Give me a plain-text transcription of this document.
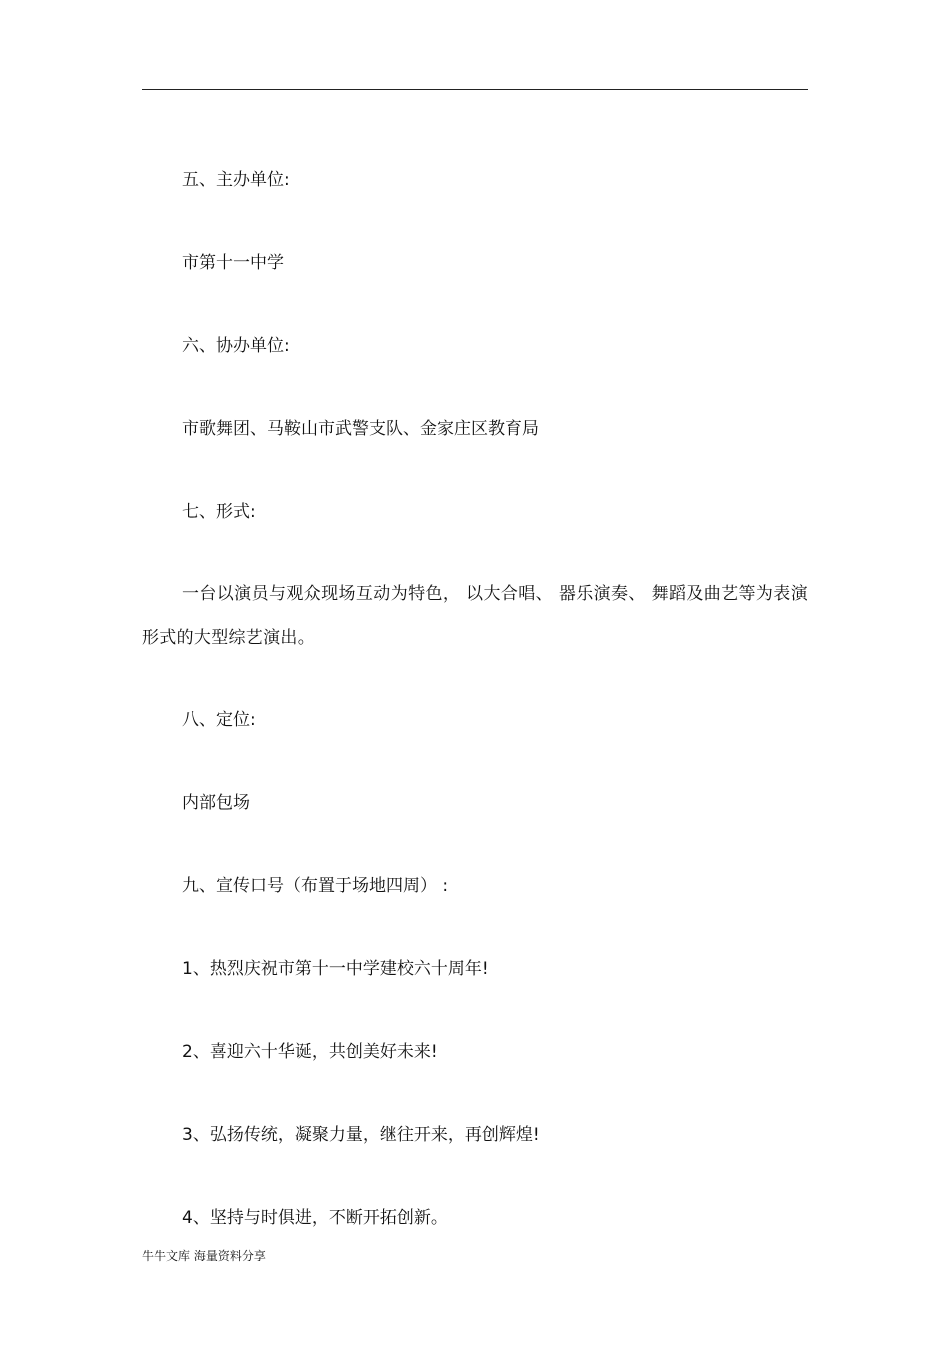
五、主办单位:
市第十一中学
六、协办单位:
市歌舞团、马鞍山市武警支队、金家庄区教育局
七、形式:
一台以演员与观众现场互动为特色， 以大合唱、 器乐演奏、 舞蹈及曲艺等为表演形式的大型综艺演出。
八、定位:
内部包场
九、宣传口号（布置于场地四周） :
1、热烈庆祝市第十一中学建校六十周年!
2、喜迎六十华诞，共创美好未来!
3、弘扬传统，凝聚力量，继往开来，再创辉煌!
4、坚持与时俱进，不断开拓创新。
牛牛文库 海量资料分享
